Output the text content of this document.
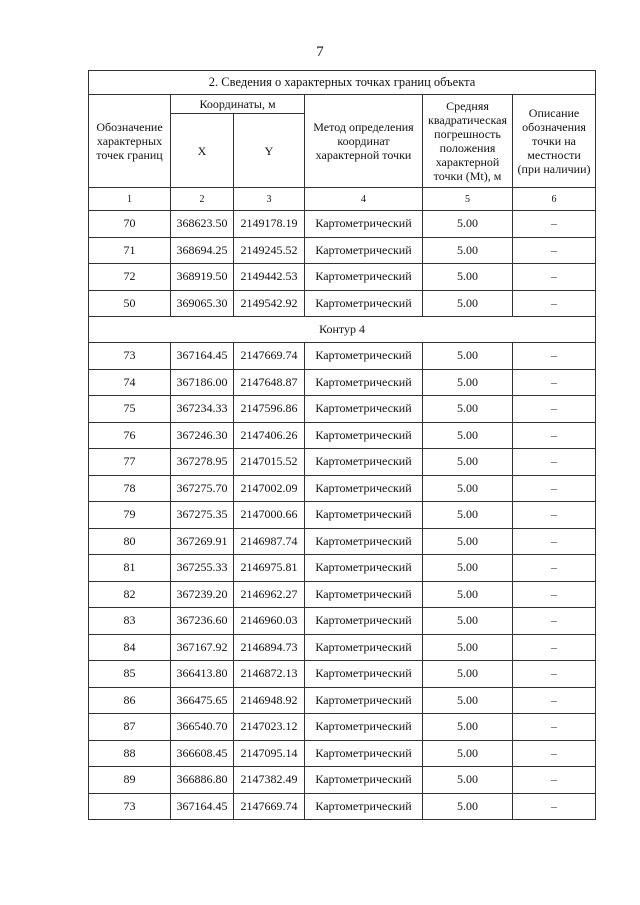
7
2. Сведения о характерных точках границ объекта					
Обозначение характерных точек границ	Координаты, м		Метод определения координат характерной точки	Средняя квадратическая погрешность положения характерной точки (Mt), м	Описание обозначения точки на местности (при наличии)
	X	Y			
1	2	3	4	5	6
70	368623.50	2149178.19	Картометрический	5.00	–
71	368694.25	2149245.52	Картометрический	5.00	–
72	368919.50	2149442.53	Картометрический	5.00	–
50	369065.30	2149542.92	Картометрический	5.00	–
Контур 4					
73	367164.45	2147669.74	Картометрический	5.00	–
74	367186.00	2147648.87	Картометрический	5.00	–
75	367234.33	2147596.86	Картометрический	5.00	–
76	367246.30	2147406.26	Картометрический	5.00	–
77	367278.95	2147015.52	Картометрический	5.00	–
78	367275.70	2147002.09	Картометрический	5.00	–
79	367275.35	2147000.66	Картометрический	5.00	–
80	367269.91	2146987.74	Картометрический	5.00	–
81	367255.33	2146975.81	Картометрический	5.00	–
82	367239.20	2146962.27	Картометрический	5.00	–
83	367236.60	2146960.03	Картометрический	5.00	–
84	367167.92	2146894.73	Картометрический	5.00	–
85	366413.80	2146872.13	Картометрический	5.00	–
86	366475.65	2146948.92	Картометрический	5.00	–
87	366540.70	2147023.12	Картометрический	5.00	–
88	366608.45	2147095.14	Картометрический	5.00	–
89	366886.80	2147382.49	Картометрический	5.00	–
73	367164.45	2147669.74	Картометрический	5.00	–
